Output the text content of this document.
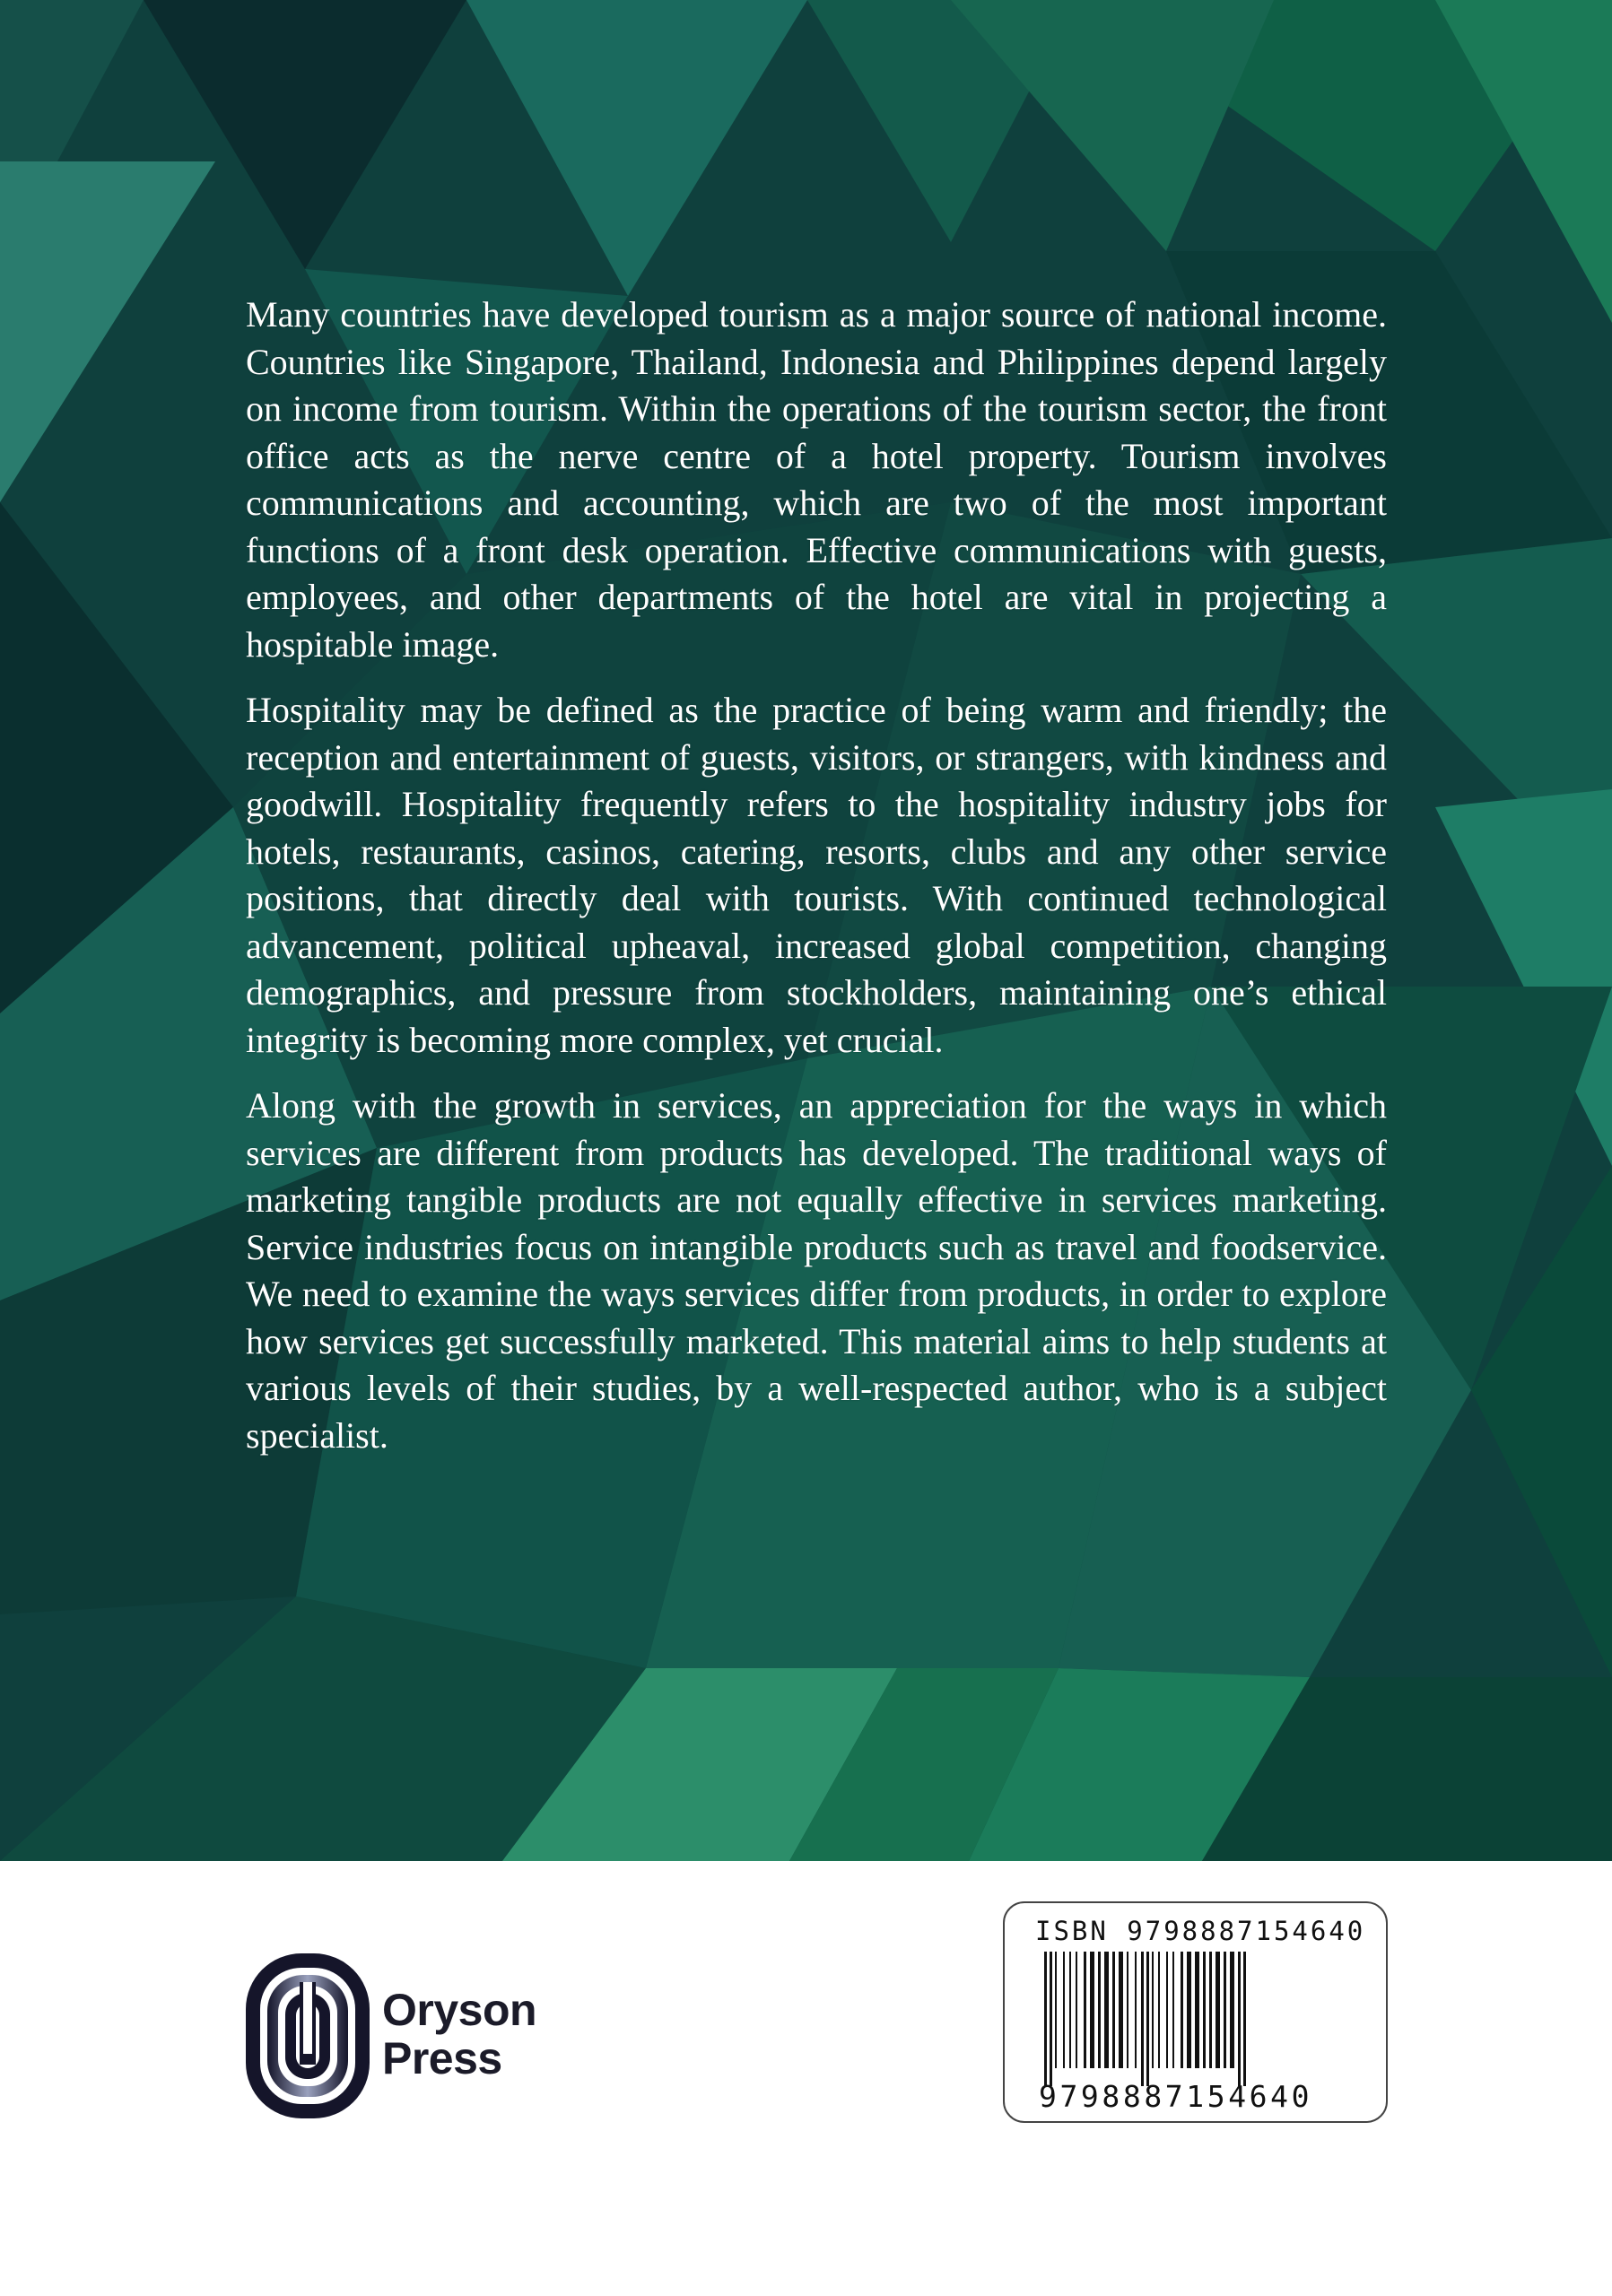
Many countries have developed tourism as a major source of national income. Countries like Singapore, Thailand, Indonesia and Philippines depend largely on income from tourism. Within the operations of the tourism sector, the front office acts as the nerve centre of a hotel property. Tourism involves communications and accounting, which are two of the most important functions of a front desk operation. Effective communications with guests, employees, and other departments of the hotel are vital in projecting a hospitable image.

Hospitality may be defined as the practice of being warm and friendly; the reception and entertainment of guests, visitors, or strangers, with kindness and goodwill. Hospitality frequently refers to the hospitality industry jobs for hotels, restaurants, casinos, catering, resorts, clubs and any other service positions, that directly deal with tourists. With continued technological advancement, political upheaval, increased global competition, changing demographics, and pressure from stockholders, maintaining one’s ethical integrity is becoming more complex, yet crucial.

Along with the growth in services, an appreciation for the ways in which services are different from products has developed. The traditional ways of marketing tangible products are not equally effective in services marketing. Service industries focus on intangible products such as travel and foodservice. We need to examine the ways services differ from products, in order to explore how services get successfully marketed. This material aims to help students at various levels of their studies, by a well-respected author, who is a subject specialist.

Oryson
Press
ISBN 9798887154640
9798887154640
